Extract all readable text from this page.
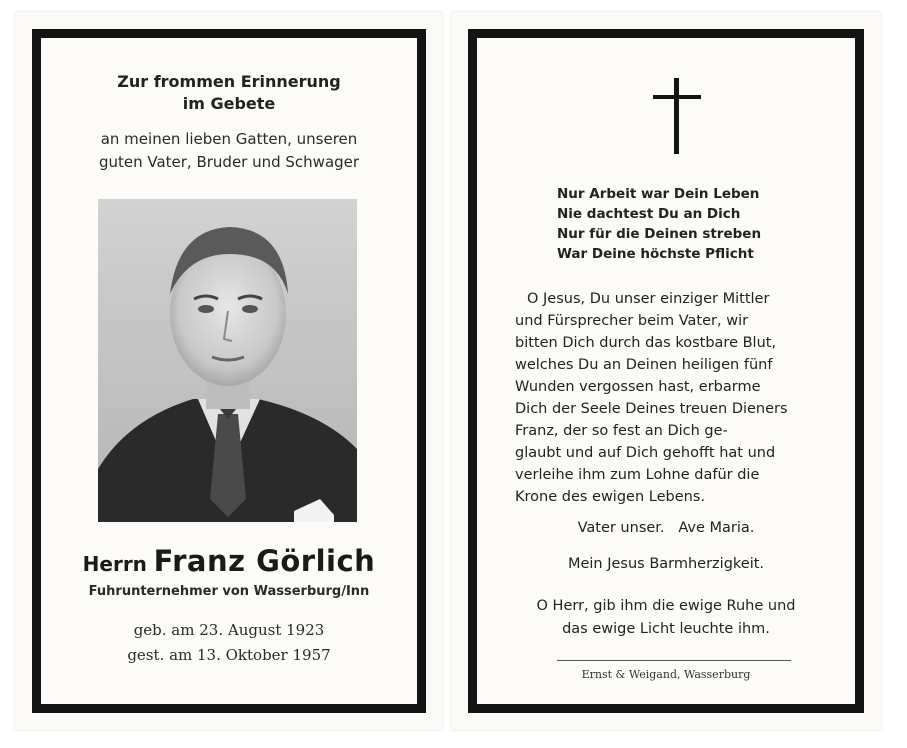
Zur frommen Erinnerung
im Gebete
an meinen lieben Gatten, unseren
guten Vater, Bruder und Schwager
Herrn Franz Görlich
Fuhrunternehmer von Wasserburg/Inn
geb. am 23. August 1923
gest. am 13. Oktober 1957
Nur Arbeit war Dein Leben
Nie dachtest Du an Dich
Nur für die Deinen streben
War Deine höchste Pflicht
O Jesus, Du unser einziger Mittler
und Fürsprecher beim Vater, wir
bitten Dich durch das kostbare Blut,
welches Du an Deinen heiligen fünf
Wunden vergossen hast, erbarme
Dich der Seele Deines treuen Dieners
Franz, der so fest an Dich ge-
glaubt und auf Dich gehofft hat und
verleihe ihm zum Lohne dafür die
Krone des ewigen Lebens.
Vater unser.   Ave Maria.
Mein Jesus Barmherzigkeit.
O Herr, gib ihm die ewige Ruhe und
das ewige Licht leuchte ihm.
Ernst & Weigand, Wasserburg
